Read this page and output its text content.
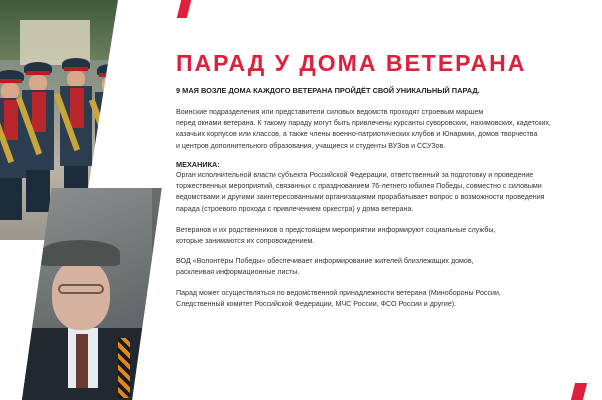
ПАРАД У ДОМА ВЕТЕРАНА
9 МАЯ ВОЗЛЕ ДОМА КАЖДОГО ВЕТЕРАНА ПРОЙДЁТ СВОЙ УНИКАЛЬНЫЙ ПАРАД.

Воинские подразделения или представители силовых ведомств проходят строевым маршем
перед окнами ветерана. К такому параду могут быть привлечены курсанты суворовских, нахимовских, кадетских,
казачьих корпусов или классов, а также члены военно-патриотических клубов и Юнармии, домов творчества
и центров дополнительного образования, учащиеся и студенты ВУЗов и ССУЗов.

МЕХАНИКА:

Орган исполнительной власти субъекта Российской Федерации, ответственный за подготовку и проведение
торжественных мероприятий, связанных с празднованием 76-летнего юбилея Победы, совместно с силовыми
ведомствами и другими заинтересованными организациями прорабатывает вопрос о возможности проведения
парада (строевого прохода с привлечением оркестра) у дома ветерана.

Ветеранов и их родственников о предстоящем мероприятии информируют социальные службы,
которые занимаются их сопровождением.

ВОД «Волонтёры Победы» обеспечивает информирование жителей близлежащих домов,
расклеивая информационные листы.

Парад может осуществляться по ведомственной принадлежности ветерана (Минобороны России,
Следственный комитет Российской Федерации, МЧС России, ФСО России и другие).
